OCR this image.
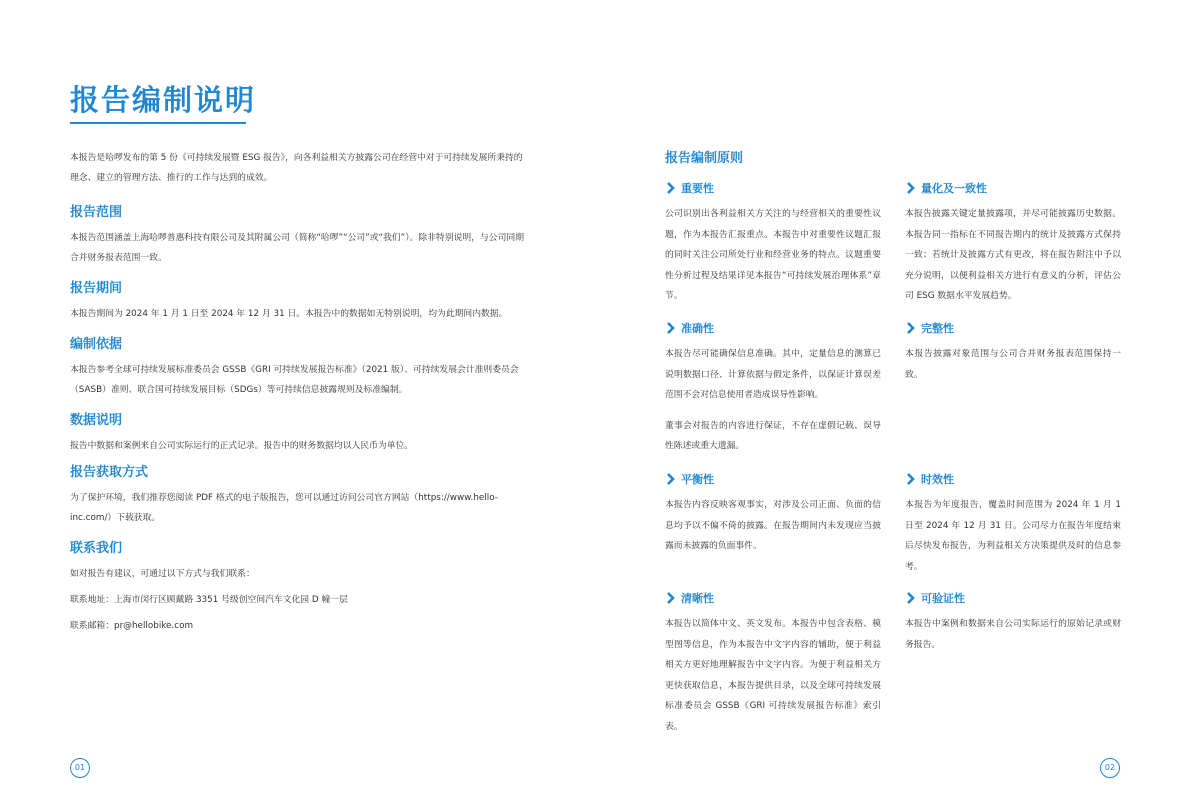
报告编制说明

本报告是哈啰发布的第 5 份《可持续发展暨 ESG 报告》，向各利益相关方披露公司在经营中对于可持续发展所秉持的理念、建立的管理方法、推行的工作与达到的成效。

报告范围

本报告范围涵盖上海哈啰普惠科技有限公司及其附属公司（简称“哈啰”“公司”或“我们”）。除非特别说明，与公司同期合并财务报表范围一致。

报告期间

本报告期间为 2024 年 1 月 1 日至 2024 年 12 月 31 日。本报告中的数据如无特别说明，均为此期间内数据。

编制依据

本报告参考全球可持续发展标准委员会 GSSB《GRI 可持续发展报告标准》（2021 版）、可持续发展会计准则委员会（SASB）准则、联合国可持续发展目标（SDGs）等可持续信息披露规则及标准编制。

数据说明

报告中数据和案例来自公司实际运行的正式记录。报告中的财务数据均以人民币为单位。

报告获取方式

为了保护环境，我们推荐您阅读 PDF 格式的电子版报告，您可以通过访问公司官方网站（https://www.hello-inc.com/）下载获取。

联系我们

如对报告有建议，可通过以下方式与我们联系：

联系地址：上海市闵行区顾戴路 3351 号级创空间汽车文化园 D 幢一层

联系邮箱：pr@hellobike.com

报告编制原则
重要性

公司识别出各利益相关方关注的与经营相关的重要性议题，作为本报告汇报重点。本报告中对重要性议题汇报的同时关注公司所处行业和经营业务的特点。议题重要性分析过程及结果详见本报告“可持续发展治理体系”章节。

量化及一致性

本报告披露关键定量披露项，并尽可能披露历史数据。本报告同一指标在不同报告期内的统计及披露方式保持一致；若统计及披露方式有更改，将在报告附注中予以充分说明，以便利益相关方进行有意义的分析，评估公司 ESG 数据水平发展趋势。

准确性

本报告尽可能确保信息准确。其中，定量信息的测算已说明数据口径、计算依据与假定条件，以保证计算误差范围不会对信息使用者造成误导性影响。

董事会对报告的内容进行保证，不存在虚假记载、误导性陈述或重大遗漏。

完整性

本报告披露对象范围与公司合并财务报表范围保持一致。

平衡性

本报告内容反映客观事实，对涉及公司正面、负面的信息均予以不偏不倚的披露。在报告期间内未发现应当披露而未披露的负面事件。

时效性

本报告为年度报告，覆盖时间范围为 2024 年 1 月 1 日至 2024 年 12 月 31 日。公司尽力在报告年度结束后尽快发布报告，为利益相关方决策提供及时的信息参考。

清晰性

本报告以简体中文、英文发布。本报告中包含表格、模型图等信息，作为本报告中文字内容的辅助，便于利益相关方更好地理解报告中文字内容。为便于利益相关方更快获取信息，本报告提供目录，以及全球可持续发展标准委员会 GSSB《GRI 可持续发展报告标准》索引表。

可验证性

本报告中案例和数据来自公司实际运行的原始记录或财务报告。

01	02
